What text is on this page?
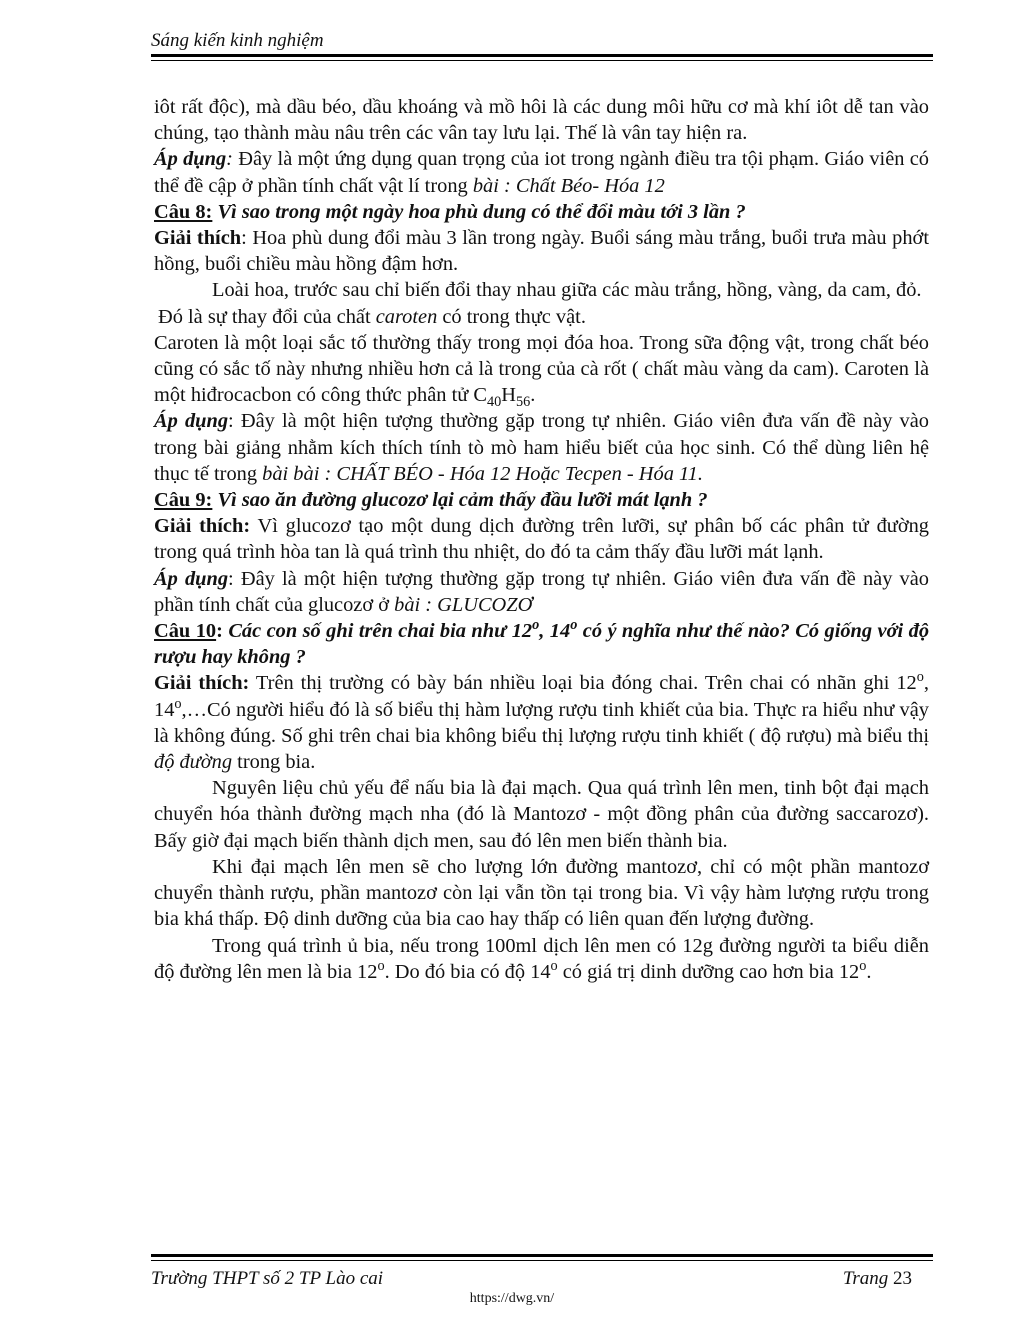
Sáng kiến kinh nghiệm

iôt rất độc), mà dầu béo, dầu khoáng và mồ hôi là các dung môi hữu cơ mà khí iôt dễ tan vào chúng, tạo thành màu nâu trên các vân tay lưu lại. Thế là vân tay hiện ra.

Áp dụng: Đây là một ứng dụng quan trọng của iot trong ngành điều tra tội phạm. Giáo viên có thể đề cập ở phần tính chất vật lí trong bài : Chất Béo- Hóa 12

Câu 8: Vì sao trong một ngày hoa phù dung có thể đổi màu tới 3 lần ?

Giải thích: Hoa phù dung đổi màu 3 lần trong ngày. Buổi sáng màu trắng, buổi trưa màu phớt hồng, buổi chiều màu hồng đậm hơn.

Loài hoa, trước sau chỉ biến đổi thay nhau giữa các màu trắng, hồng, vàng, da cam, đỏ.

Đó là sự thay đổi của chất caroten có trong thực vật.

Caroten là một loại sắc tố thường thấy trong mọi đóa hoa. Trong sữa động vật, trong chất béo cũng có sắc tố này nhưng nhiều hơn cả là trong của cà rốt ( chất màu vàng da cam). Caroten là một hiđrocacbon có công thức phân tử $C_{40}H_{56}$.

Áp dụng: Đây là một hiện tượng thường gặp trong tự nhiên. Giáo viên đưa vấn đề này vào trong bài giảng nhằm kích thích tính tò mò ham hiểu biết của học sinh. Có thể dùng liên hệ thục tế trong bài bài : CHẤT BÉO - Hóa 12 Hoặc Tecpen - Hóa 11.

Câu 9: Vì sao ăn đường glucozơ lại cảm thấy đầu lưỡi mát lạnh ?

Giải thích: Vì glucozơ tạo một dung dịch đường trên lưỡi, sự phân bố các phân tử đường trong quá trình hòa tan là quá trình thu nhiệt, do đó ta cảm thấy đầu lưỡi mát lạnh.

Áp dụng: Đây là một hiện tượng thường gặp trong tự nhiên. Giáo viên đưa vấn đề này vào phần tính chất của glucozơ ở bài : GLUCOZƠ

Câu 10: Các con số ghi trên chai bia như 12$^o$, 14$^o$ có ý nghĩa như thế nào? Có giống với độ rượu hay không ?

Giải thích: Trên thị trường có bày bán nhiều loại bia đóng chai. Trên chai có nhãn ghi 12$^o$, 14$^o$,…Có người hiểu đó là số biểu thị hàm lượng rượu tinh khiết của bia. Thực ra hiểu như vậy là không đúng. Số ghi trên chai bia không biểu thị lượng rượu tinh khiết ( độ rượu) mà biểu thị độ đường trong bia.

Nguyên liệu chủ yếu để nấu bia là đại mạch. Qua quá trình lên men, tinh bột đại mạch chuyển hóa thành đường mạch nha (đó là Mantozơ - một đồng phân của đường saccarozơ). Bấy giờ đại mạch biến thành dịch men, sau đó lên men biến thành bia.

Khi đại mạch lên men sẽ cho lượng lớn đường mantozơ, chỉ có một phần mantozơ chuyển thành rượu, phần mantozơ còn lại vẫn tồn tại trong bia. Vì vậy hàm lượng rượu trong bia khá thấp. Độ dinh dưỡng của bia cao hay thấp có liên quan đến lượng đường.

Trong quá trình ủ bia, nếu trong 100ml dịch lên men có 12g đường người ta biểu diễn độ đường lên men là bia 12$^o$. Do đó bia có độ 14$^o$ có giá trị dinh dưỡng cao hơn bia 12$^o$.

Trường THPT số 2 TP Lào cai	Trang 23
https://dwg.vn/
